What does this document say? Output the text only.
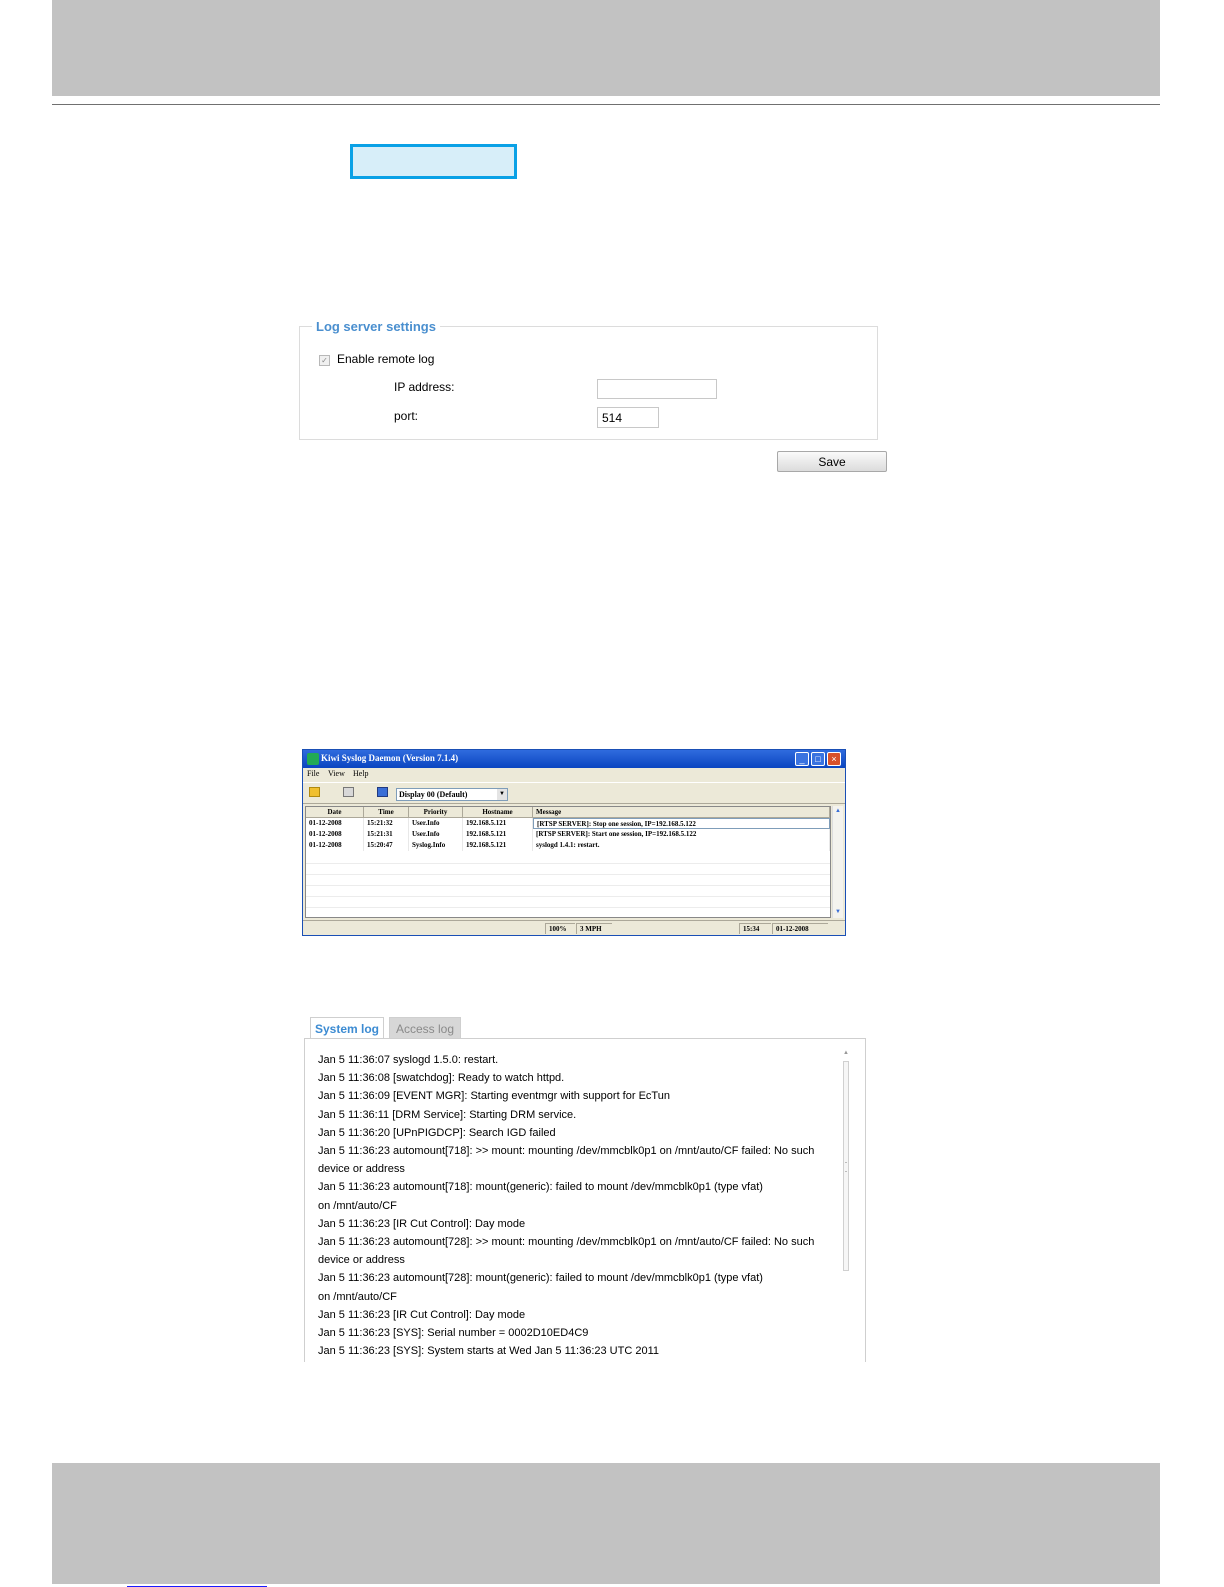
Log server settings
✓ Enable remote log
IP address:
port:
514
Save
Kiwi Syslog Daemon (Version 7.1.4)	_	□	×
File View Help
Display 00 (Default)	▼
Date	Time	Priority	Hostname	Message
01-12-2008	15:21:32	User.Info	192.168.5.121	[RTSP SERVER]: Stop one session, IP=192.168.5.122
01-12-2008	15:21:31	User.Info	192.168.5.121	[RTSP SERVER]: Start one session, IP=192.168.5.122
01-12-2008	15:20:47	Syslog.Info	192.168.5.121	syslogd 1.4.1: restart.
▲
▼
100%	3 MPH	15:34	01-12-2008
System log	Access log
Jan 5 11:36:07 syslogd 1.5.0: restart.
Jan 5 11:36:08 [swatchdog]: Ready to watch httpd.
Jan 5 11:36:09 [EVENT MGR]: Starting eventmgr with support for EcTun
Jan 5 11:36:11 [DRM Service]: Starting DRM service.
Jan 5 11:36:20 [UPnPIGDCP]: Search IGD failed
Jan 5 11:36:23 automount[718]: >> mount: mounting /dev/mmcblk0p1 on /mnt/auto/CF failed: No such
device or address
Jan 5 11:36:23 automount[718]: mount(generic): failed to mount /dev/mmcblk0p1 (type vfat)
on /mnt/auto/CF
Jan 5 11:36:23 [IR Cut Control]: Day mode
Jan 5 11:36:23 automount[728]: >> mount: mounting /dev/mmcblk0p1 on /mnt/auto/CF failed: No such
device or address
Jan 5 11:36:23 automount[728]: mount(generic): failed to mount /dev/mmcblk0p1 (type vfat)
on /mnt/auto/CF
Jan 5 11:36:23 [IR Cut Control]: Day mode
Jan 5 11:36:23 [SYS]: Serial number = 0002D10ED4C9
Jan 5 11:36:23 [SYS]: System starts at Wed Jan 5 11:36:23 UTC 2011
▲
